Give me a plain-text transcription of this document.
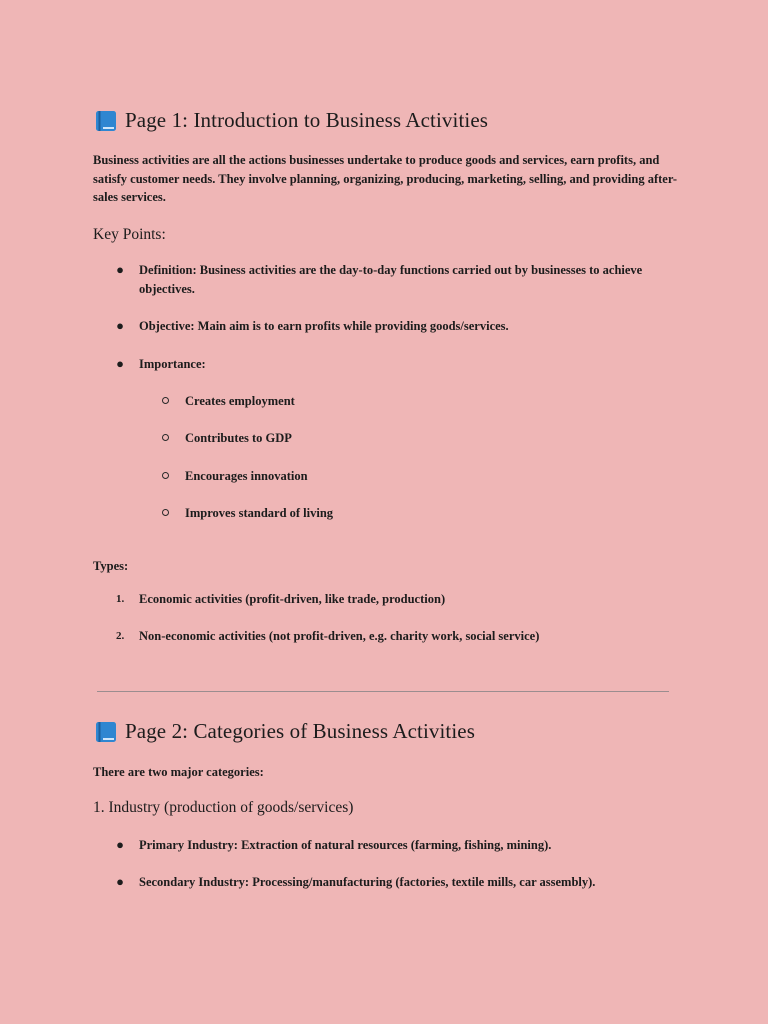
Page 1: Introduction to Business Activities
Business activities are all the actions businesses undertake to produce goods and services, earn profits, and satisfy customer needs. They involve planning, organizing, producing, marketing, selling, and providing after-sales services.
Key Points:
● Definition: Business activities are the day-to-day functions carried out by businesses to achieve objectives.
● Objective: Main aim is to earn profits while providing goods/services.
● Importance:
Creates employment
Contributes to GDP
Encourages innovation
Improves standard of living
Types:
1. Economic activities (profit-driven, like trade, production)
2. Non-economic activities (not profit-driven, e.g. charity work, social service)
Page 2: Categories of Business Activities
There are two major categories:
1. Industry (production of goods/services)
● Primary Industry: Extraction of natural resources (farming, fishing, mining).
● Secondary Industry: Processing/manufacturing (factories, textile mills, car assembly).
